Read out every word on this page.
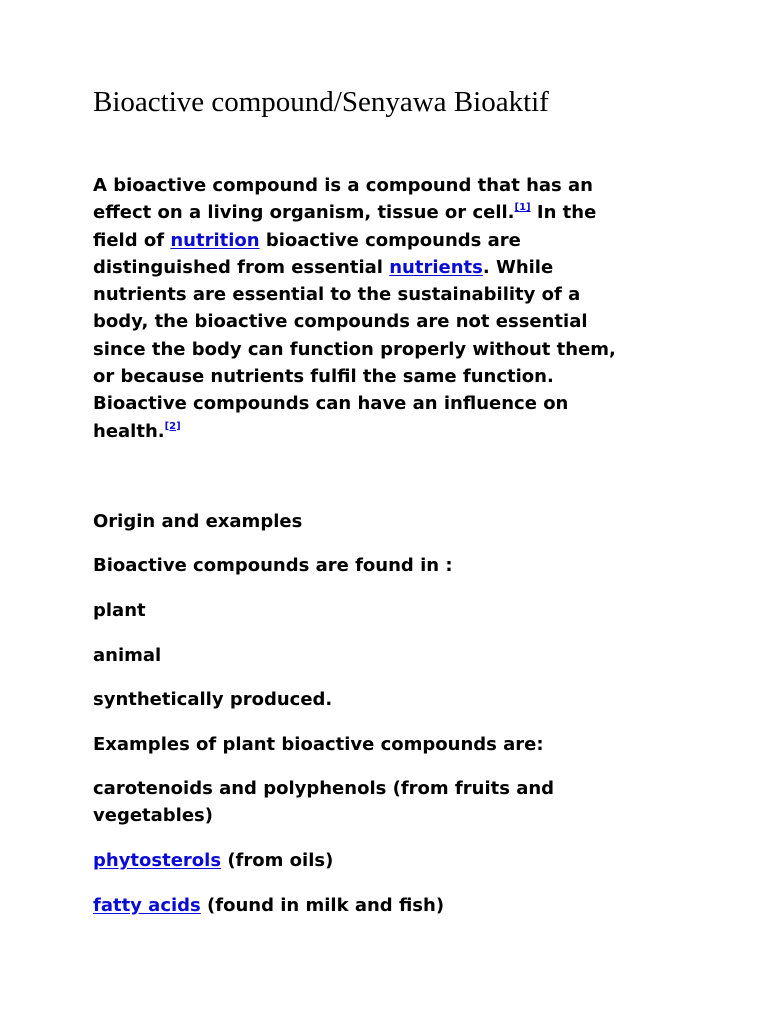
Bioactive compound/Senyawa Bioaktif

A bioactive compound is a compound that has an
effect on a living organism, tissue or cell.[1] In the
field of nutrition bioactive compounds are
distinguished from essential nutrients. While
nutrients are essential to the sustainability of a
body, the bioactive compounds are not essential
since the body can function properly without them,
or because nutrients fulfil the same function.
Bioactive compounds can have an influence on
health.[2]

Origin and examples

Bioactive compounds are found in :

plant

animal

synthetically produced.

Examples of plant bioactive compounds are:

carotenoids and polyphenols (from fruits and
vegetables)

phytosterols (from oils)

fatty acids (found in milk and fish)
